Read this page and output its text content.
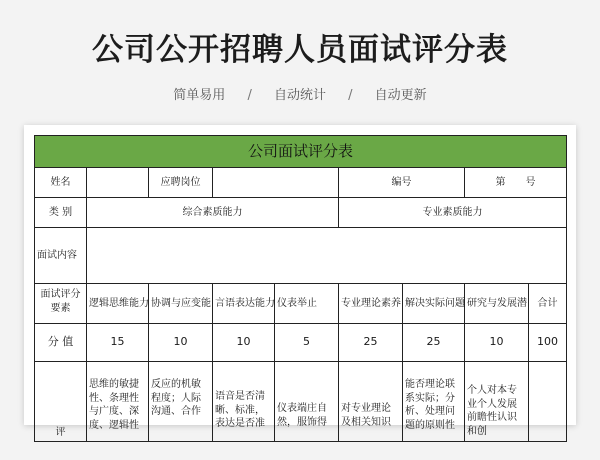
公司公开招聘人员面试评分表
简单易用 / 自动统计 / 自动更新
公司面试评分表								
姓名		应聘岗位			编号		第　　号	
类 别	综合素质能力				专业素质能力			
面试内容								
面试评分要素	逻辑思维能力	协调与应变能	言语表达能力	仪表举止	专业理论素养	解决实际问题	研究与发展潜	合计
分 值	15	10	10	5	25	25	10	100
评	思维的敏捷性、条理性与广度、深度、逻辑性	反应的机敏程度；人际沟通、合作	语音是否清晰、标准，表达是否准	仪表端庄自然，服饰得	对专业理论及相关知识	能否理论联系实际；分析、处理问题的原则性	个人对本专业个人发展前瞻性认识和创	
